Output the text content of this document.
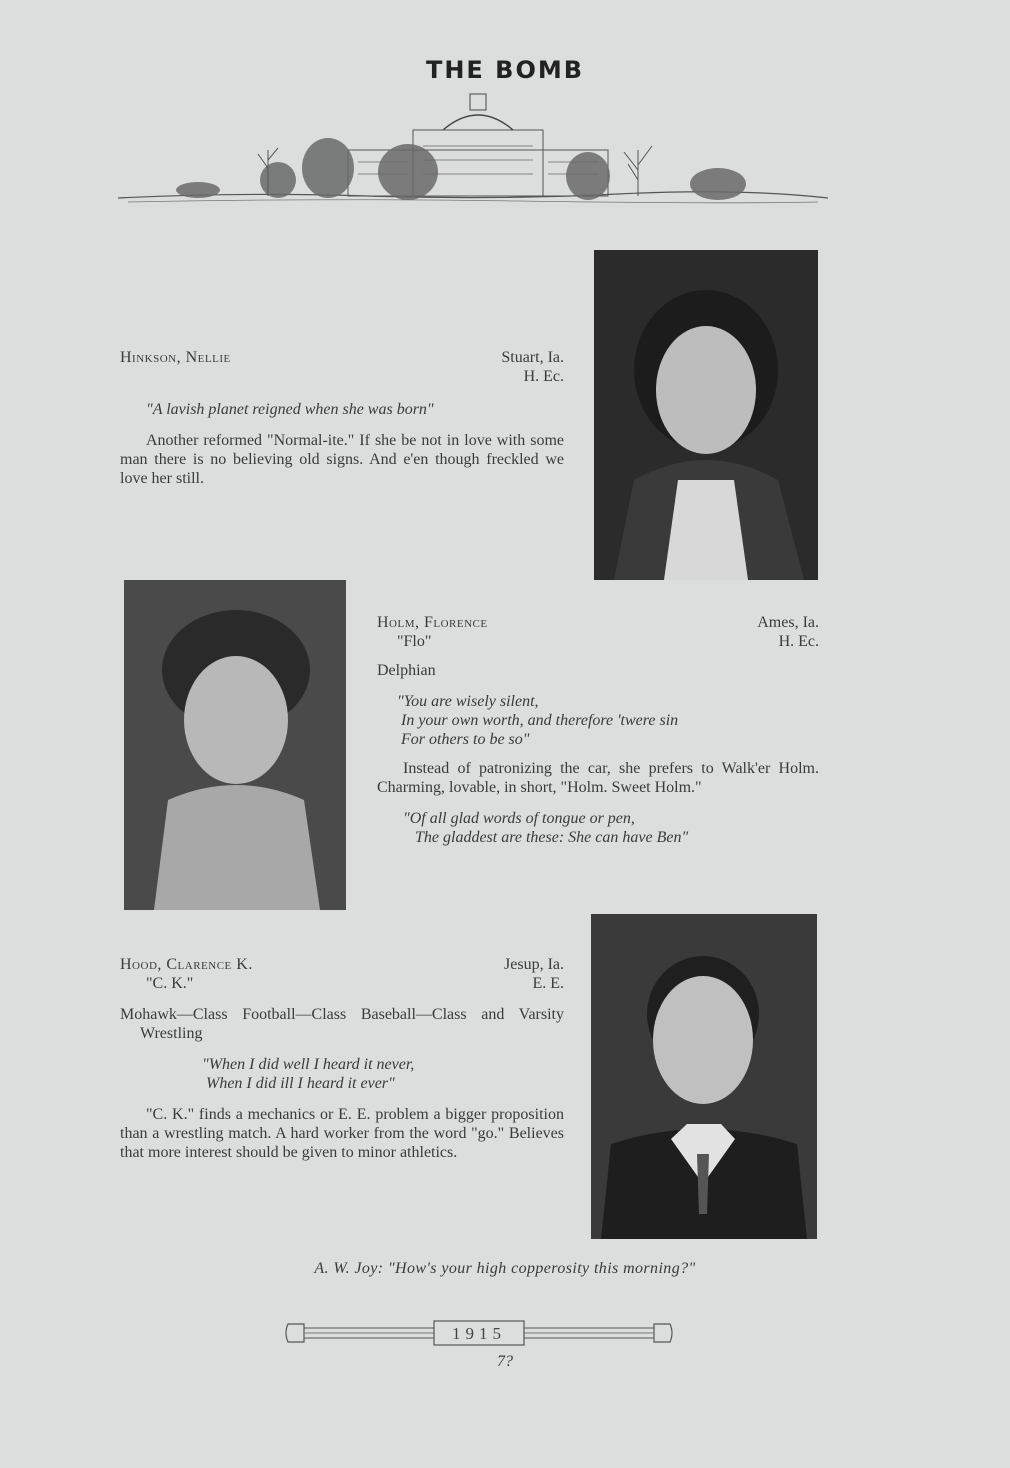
THE BOMB
Hinkson, Nellie	Stuart, Ia.
H. Ec.

"A lavish planet reigned when she was born"

Another reformed "Normal-ite." If she be not in love with some man there is no believing old signs. And e'en though freckled we love her still.

Holm, Florence	Ames, Ia.
"Flo"	H. Ec.

Delphian

"You are wisely silent,
In your own worth, and therefore 'twere sin
For others to be so"

Instead of patronizing the car, she prefers to Walk'er Holm. Charming, lovable, in short, "Holm. Sweet Holm."

"Of all glad words of tongue or pen,
The gladdest are these: She can have Ben"
Hood, Clarence K.	Jesup, Ia.
"C. K."	E. E.

Mohawk—Class Football—Class Baseball—Class and Varsity Wrestling

"When I did well I heard it never,
When I did ill I heard it ever"

"C. K." finds a mechanics or E. E. problem a bigger proposition than a wrestling match. A hard worker from the word "go." Believes that more interest should be given to minor athletics.

A. W. Joy: "How's your high copperosity this morning?"
1915
7?
